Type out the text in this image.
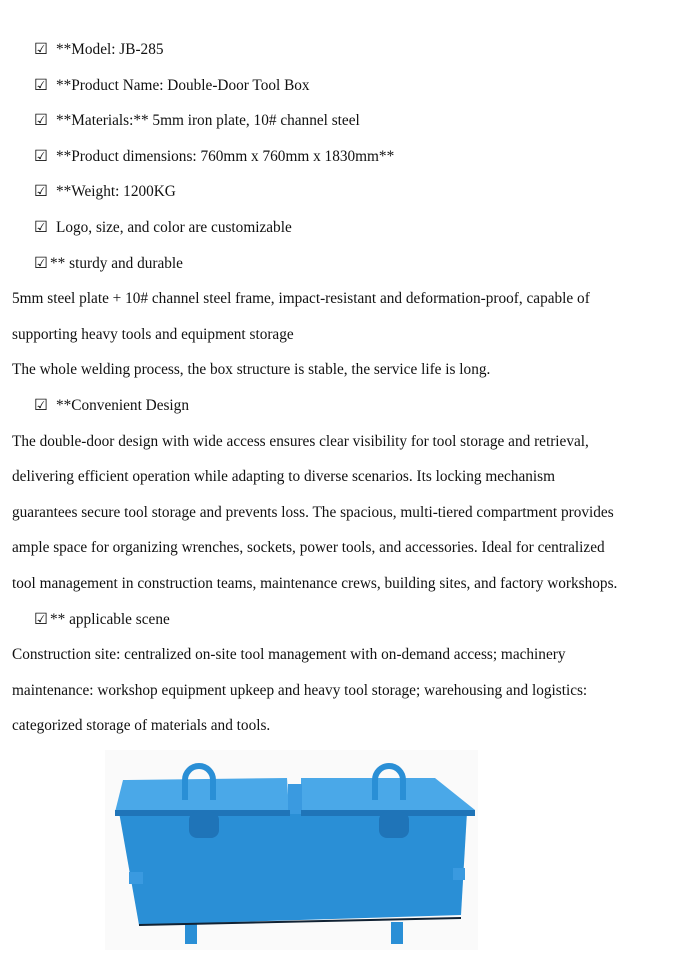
☑ **Model: JB-285
☑ **Product Name: Double-Door Tool Box
☑ **Materials:** 5mm iron plate, 10# channel steel
☑ **Product dimensions: 760mm x 760mm x 1830mm**
☑ **Weight: 1200KG
☑ Logo, size, and color are customizable
☑ ** sturdy and durable
5mm steel plate + 10# channel steel frame, impact-resistant and deformation-proof, capable of
supporting heavy tools and equipment storage
The whole welding process, the box structure is stable, the service life is long.
☑ **Convenient Design
The double-door design with wide access ensures clear visibility for tool storage and retrieval,
delivering efficient operation while adapting to diverse scenarios. Its locking mechanism
guarantees secure tool storage and prevents loss. The spacious, multi-tiered compartment provides
ample space for organizing wrenches, sockets, power tools, and accessories. Ideal for centralized
tool management in construction teams, maintenance crews, building sites, and factory workshops.
☑ ** applicable scene
Construction site: centralized on-site tool management with on-demand access; machinery
maintenance: workshop equipment upkeep and heavy tool storage; warehousing and logistics:
categorized storage of materials and tools.
